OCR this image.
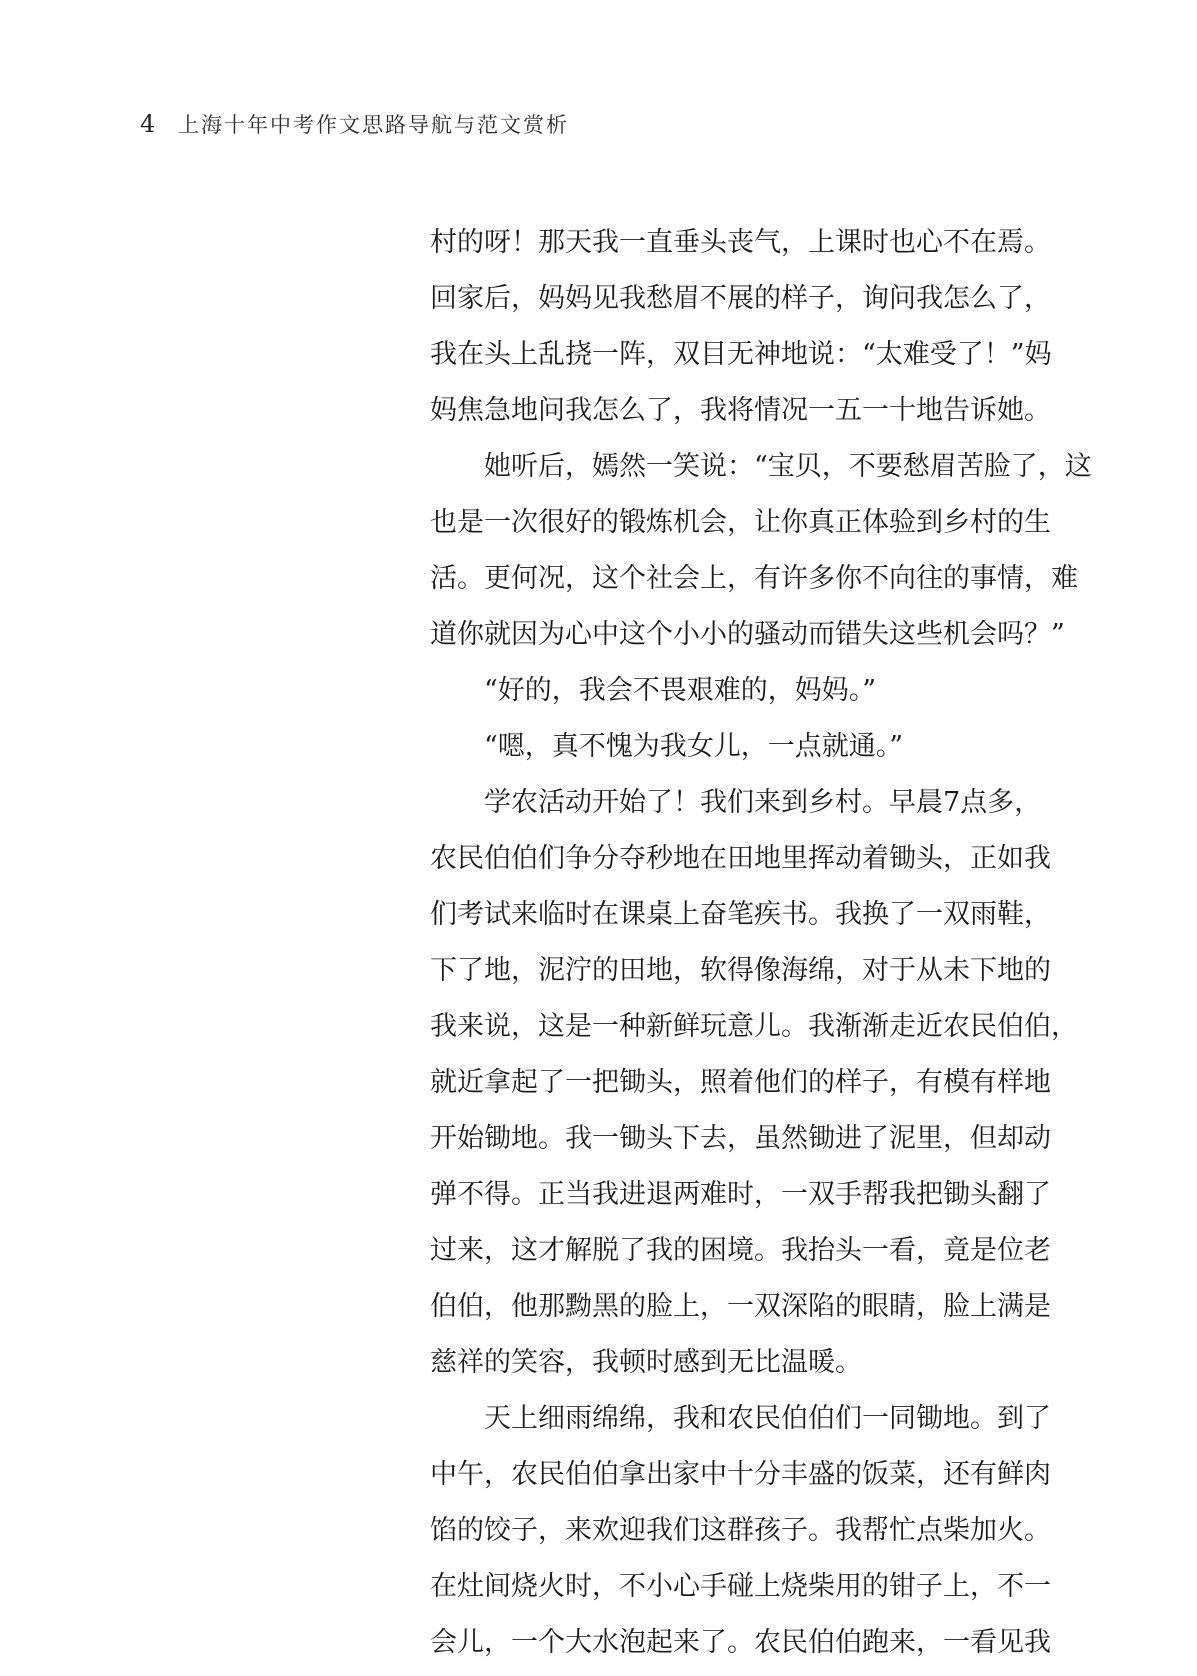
4	上海十年中考作文思路导航与范文赏析
村的呀！那天我一直垂头丧气，上课时也心不在焉。
回家后，妈妈见我愁眉不展的样子，询问我怎么了，
我在头上乱挠一阵，双目无神地说：“太难受了！”妈
妈焦急地问我怎么了，我将情况一五一十地告诉她。
她听后，嫣然一笑说：“宝贝，不要愁眉苦脸了，这
也是一次很好的锻炼机会，让你真正体验到乡村的生
活。更何况，这个社会上，有许多你不向往的事情，难
道你就因为心中这个小小的骚动而错失这些机会吗？”
“好的，我会不畏艰难的，妈妈。”
“嗯，真不愧为我女儿，一点就通。”
学农活动开始了！我们来到乡村。早晨7点多，
农民伯伯们争分夺秒地在田地里挥动着锄头，正如我
们考试来临时在课桌上奋笔疾书。我换了一双雨鞋，
下了地，泥泞的田地，软得像海绵，对于从未下地的
我来说，这是一种新鲜玩意儿。我渐渐走近农民伯伯，
就近拿起了一把锄头，照着他们的样子，有模有样地
开始锄地。我一锄头下去，虽然锄进了泥里，但却动
弹不得。正当我进退两难时，一双手帮我把锄头翻了
过来，这才解脱了我的困境。我抬头一看，竟是位老
伯伯，他那黝黑的脸上，一双深陷的眼睛，脸上满是
慈祥的笑容，我顿时感到无比温暖。
天上细雨绵绵，我和农民伯伯们一同锄地。到了
中午，农民伯伯拿出家中十分丰盛的饭菜，还有鲜肉
馅的饺子，来欢迎我们这群孩子。我帮忙点柴加火。
在灶间烧火时，不小心手碰上烧柴用的钳子上，不一
会儿，一个大水泡起来了。农民伯伯跑来，一看见我
